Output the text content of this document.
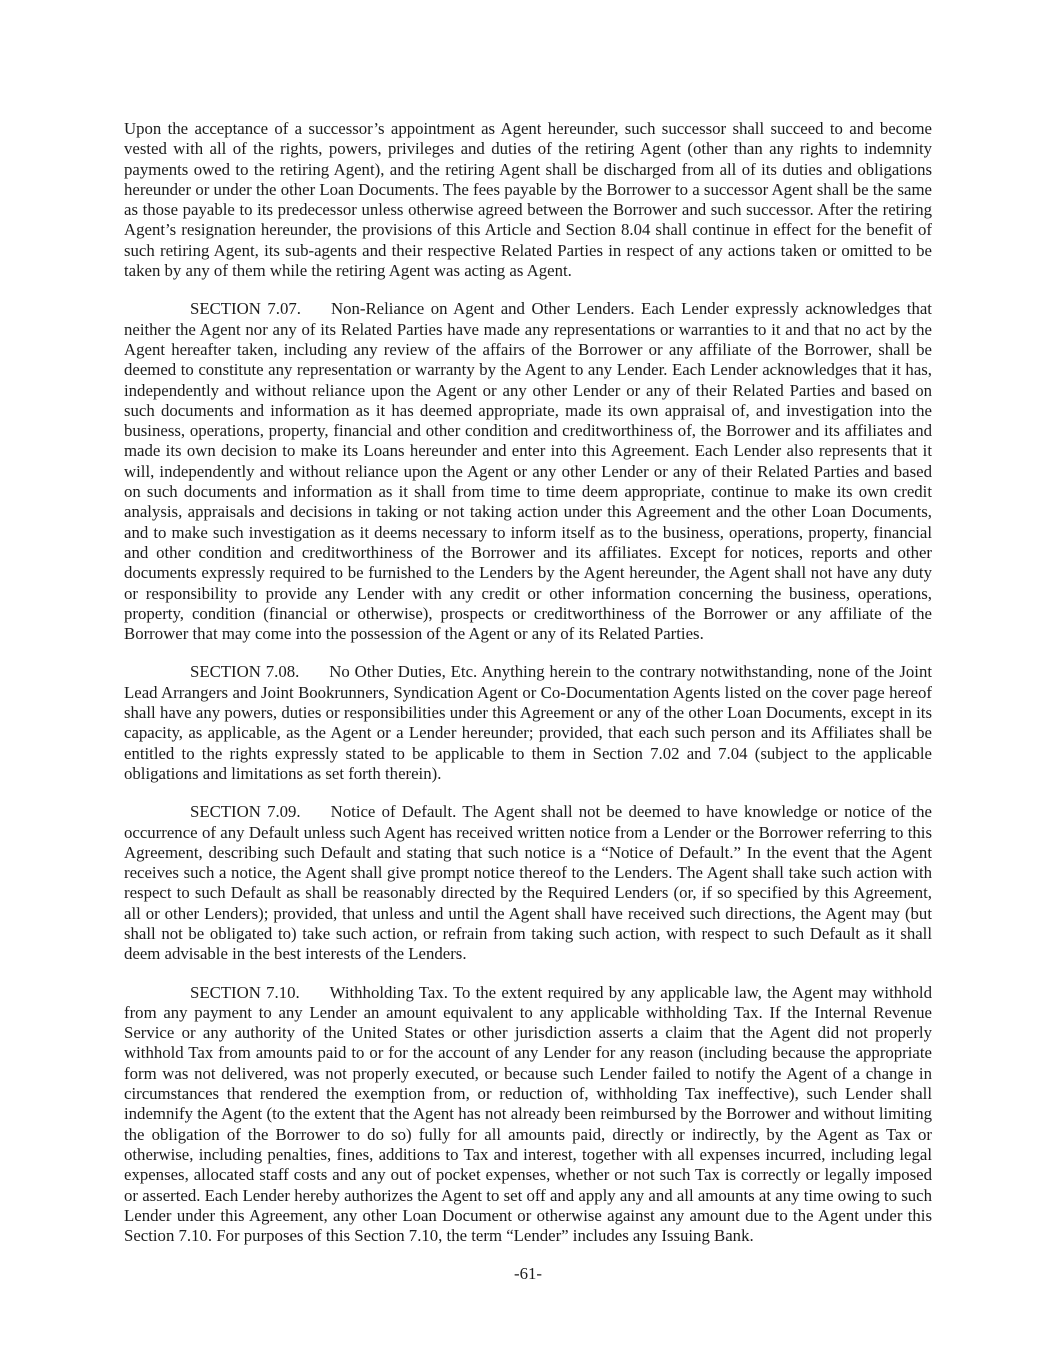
Upon the acceptance of a successor’s appointment as Agent hereunder, such successor shall succeed to and become vested with all of the rights, powers, privileges and duties of the retiring Agent (other than any rights to indemnity payments owed to the retiring Agent), and the retiring Agent shall be discharged from all of its duties and obligations hereunder or under the other Loan Documents. The fees payable by the Borrower to a successor Agent shall be the same as those payable to its predecessor unless otherwise agreed between the Borrower and such successor. After the retiring Agent’s resignation hereunder, the provisions of this Article and Section 8.04 shall continue in effect for the benefit of such retiring Agent, its sub-agents and their respective Related Parties in respect of any actions taken or omitted to be taken by any of them while the retiring Agent was acting as Agent.

SECTION 7.07. Non-Reliance on Agent and Other Lenders. Each Lender expressly acknowledges that neither the Agent nor any of its Related Parties have made any representations or warranties to it and that no act by the Agent hereafter taken, including any review of the affairs of the Borrower or any affiliate of the Borrower, shall be deemed to constitute any representation or warranty by the Agent to any Lender. Each Lender acknowledges that it has, independently and without reliance upon the Agent or any other Lender or any of their Related Parties and based on such documents and information as it has deemed appropriate, made its own appraisal of, and investigation into the business, operations, property, financial and other condition and creditworthiness of, the Borrower and its affiliates and made its own decision to make its Loans hereunder and enter into this Agreement. Each Lender also represents that it will, independently and without reliance upon the Agent or any other Lender or any of their Related Parties and based on such documents and information as it shall from time to time deem appropriate, continue to make its own credit analysis, appraisals and decisions in taking or not taking action under this Agreement and the other Loan Documents, and to make such investigation as it deems necessary to inform itself as to the business, operations, property, financial and other condition and creditworthiness of the Borrower and its affiliates. Except for notices, reports and other documents expressly required to be furnished to the Lenders by the Agent hereunder, the Agent shall not have any duty or responsibility to provide any Lender with any credit or other information concerning the business, operations, property, condition (financial or otherwise), prospects or creditworthiness of the Borrower or any affiliate of the Borrower that may come into the possession of the Agent or any of its Related Parties.

SECTION 7.08. No Other Duties, Etc. Anything herein to the contrary notwithstanding, none of the Joint Lead Arrangers and Joint Bookrunners, Syndication Agent or Co-Documentation Agents listed on the cover page hereof shall have any powers, duties or responsibilities under this Agreement or any of the other Loan Documents, except in its capacity, as applicable, as the Agent or a Lender hereunder; provided, that each such person and its Affiliates shall be entitled to the rights expressly stated to be applicable to them in Section 7.02 and 7.04 (subject to the applicable obligations and limitations as set forth therein).

SECTION 7.09. Notice of Default. The Agent shall not be deemed to have knowledge or notice of the occurrence of any Default unless such Agent has received written notice from a Lender or the Borrower referring to this Agreement, describing such Default and stating that such notice is a “Notice of Default.” In the event that the Agent receives such a notice, the Agent shall give prompt notice thereof to the Lenders. The Agent shall take such action with respect to such Default as shall be reasonably directed by the Required Lenders (or, if so specified by this Agreement, all or other Lenders); provided, that unless and until the Agent shall have received such directions, the Agent may (but shall not be obligated to) take such action, or refrain from taking such action, with respect to such Default as it shall deem advisable in the best interests of the Lenders.

SECTION 7.10. Withholding Tax. To the extent required by any applicable law, the Agent may withhold from any payment to any Lender an amount equivalent to any applicable withholding Tax. If the Internal Revenue Service or any authority of the United States or other jurisdiction asserts a claim that the Agent did not properly withhold Tax from amounts paid to or for the account of any Lender for any reason (including because the appropriate form was not delivered, was not properly executed, or because such Lender failed to notify the Agent of a change in circumstances that rendered the exemption from, or reduction of, withholding Tax ineffective), such Lender shall indemnify the Agent (to the extent that the Agent has not already been reimbursed by the Borrower and without limiting the obligation of the Borrower to do so) fully for all amounts paid, directly or indirectly, by the Agent as Tax or otherwise, including penalties, fines, additions to Tax and interest, together with all expenses incurred, including legal expenses, allocated staff costs and any out of pocket expenses, whether or not such Tax is correctly or legally imposed or asserted. Each Lender hereby authorizes the Agent to set off and apply any and all amounts at any time owing to such Lender under this Agreement, any other Loan Document or otherwise against any amount due to the Agent under this Section 7.10. For purposes of this Section 7.10, the term “Lender” includes any Issuing Bank.

-61-
